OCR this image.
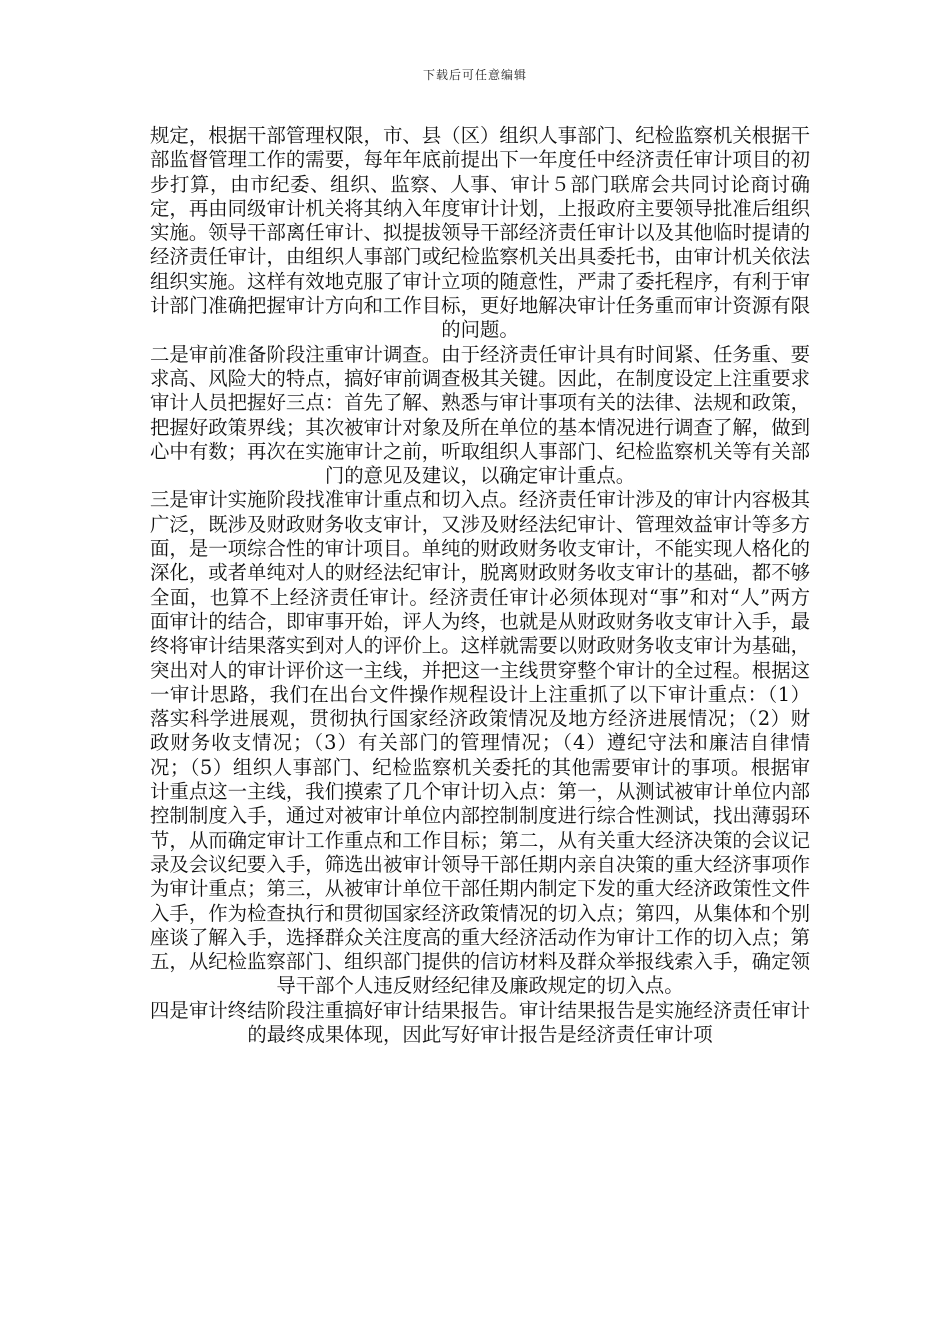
下载后可任意编辑

规定，根据干部管理权限，市、县（区）组织人事部门、纪检监察机关根据干部监督管理工作的需要，每年年底前提出下一年度任中经济责任审计项目的初步打算，由市纪委、组织、监察、人事、审计５部门联席会共同讨论商讨确定，再由同级审计机关将其纳入年度审计计划，上报政府主要领导批准后组织实施。领导干部离任审计、拟提拔领导干部经济责任审计以及其他临时提请的经济责任审计，由组织人事部门或纪检监察机关出具委托书，由审计机关依法组织实施。这样有效地克服了审计立项的随意性，严肃了委托程序，有利于审计部门准确把握审计方向和工作目标，更好地解决审计任务重而审计资源有限的问题。

二是审前准备阶段注重审计调查。由于经济责任审计具有时间紧、任务重、要求高、风险大的特点，搞好审前调查极其关键。因此，在制度设定上注重要求审计人员把握好三点：首先了解、熟悉与审计事项有关的法律、法规和政策，把握好政策界线；其次被审计对象及所在单位的基本情况进行调查了解，做到心中有数；再次在实施审计之前，听取组织人事部门、纪检监察机关等有关部门的意见及建议，以确定审计重点。

三是审计实施阶段找准审计重点和切入点。经济责任审计涉及的审计内容极其广泛，既涉及财政财务收支审计，又涉及财经法纪审计、管理效益审计等多方面，是一项综合性的审计项目。单纯的财政财务收支审计，不能实现人格化的深化，或者单纯对人的财经法纪审计，脱离财政财务收支审计的基础，都不够全面，也算不上经济责任审计。经济责任审计必须体现对“事”和对“人”两方面审计的结合，即审事开始，评人为终，也就是从财政财务收支审计入手，最终将审计结果落实到对人的评价上。这样就需要以财政财务收支审计为基础，突出对人的审计评价这一主线，并把这一主线贯穿整个审计的全过程。根据这一审计思路，我们在出台文件操作规程设计上注重抓了以下审计重点：（1）落实科学进展观，贯彻执行国家经济政策情况及地方经济进展情况；（2）财政财务收支情况；（3）有关部门的管理情况；（4）遵纪守法和廉洁自律情况；（5）组织人事部门、纪检监察机关委托的其他需要审计的事项。根据审计重点这一主线，我们摸索了几个审计切入点：第一，从测试被审计单位内部控制制度入手，通过对被审计单位内部控制制度进行综合性测试，找出薄弱环节，从而确定审计工作重点和工作目标；第二，从有关重大经济决策的会议记录及会议纪要入手，筛选出被审计领导干部任期内亲自决策的重大经济事项作为审计重点；第三，从被审计单位干部任期内制定下发的重大经济政策性文件入手，作为检查执行和贯彻国家经济政策情况的切入点；第四，从集体和个别座谈了解入手，选择群众关注度高的重大经济活动作为审计工作的切入点；第五，从纪检监察部门、组织部门提供的信访材料及群众举报线索入手，确定领导干部个人违反财经纪律及廉政规定的切入点。

四是审计终结阶段注重搞好审计结果报告。审计结果报告是实施经济责任审计的最终成果体现，因此写好审计报告是经济责任审计项
